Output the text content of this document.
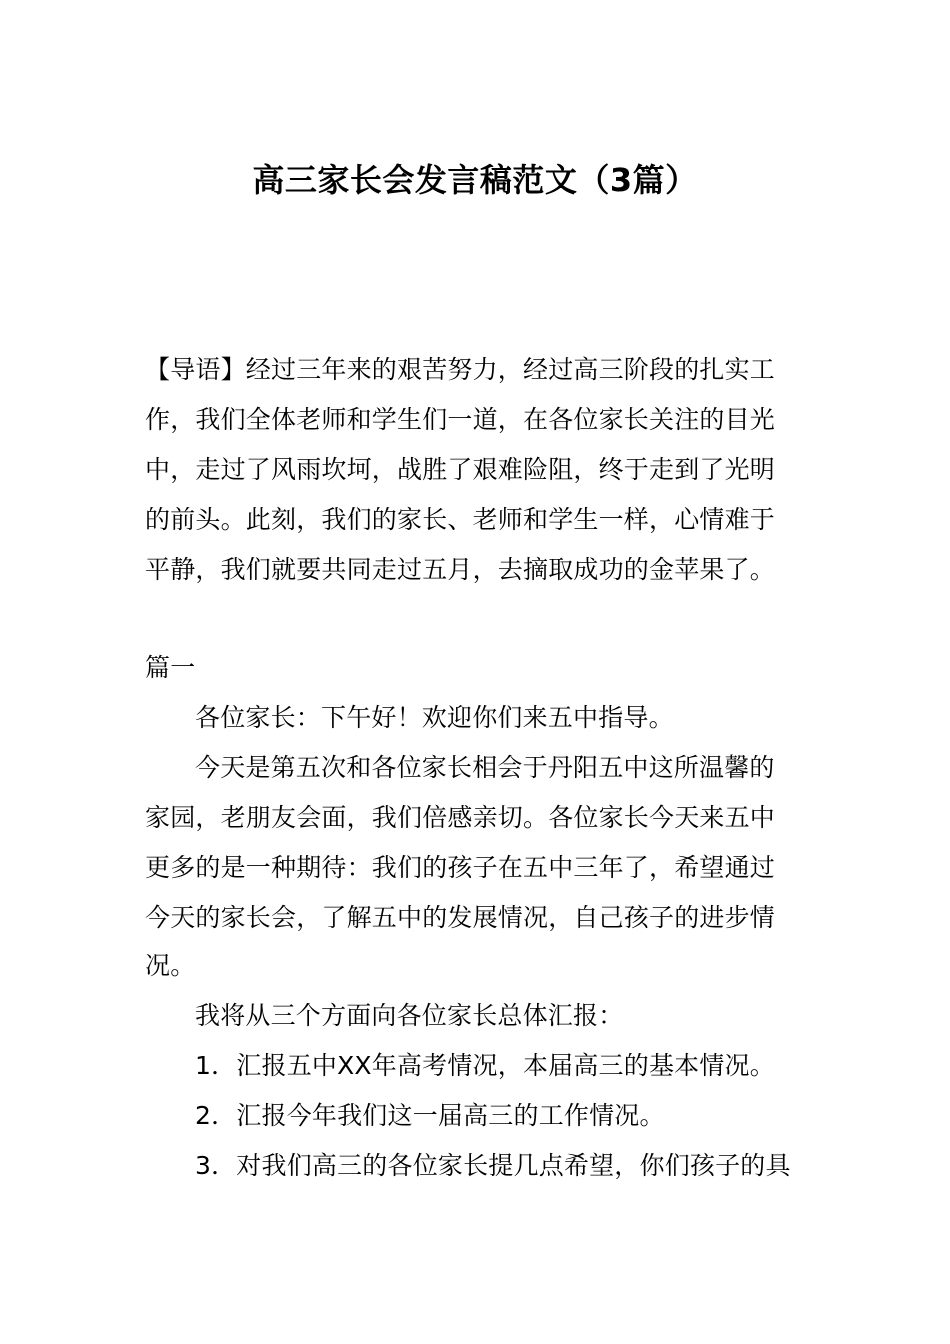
高三家长会发言稿范文（3篇）
【导语】经过三年来的艰苦努力，经过高三阶段的扎实工
作，我们全体老师和学生们一道，在各位家长关注的目光
中，走过了风雨坎坷，战胜了艰难险阻，终于走到了光明
的前头。此刻，我们的家长、老师和学生一样，心情难于
平静，我们就要共同走过五月，去摘取成功的金苹果了。
篇一
各位家长：下午好！欢迎你们来五中指导。
今天是第五次和各位家长相会于丹阳五中这所温馨的
家园，老朋友会面，我们倍感亲切。各位家长今天来五中
更多的是一种期待：我们的孩子在五中三年了，希望通过
今天的家长会，了解五中的发展情况，自己孩子的进步情
况。
我将从三个方面向各位家长总体汇报：
1．汇报五中XX年高考情况，本届高三的基本情况。
2．汇报今年我们这一届高三的工作情况。
3．对我们高三的各位家长提几点希望，你们孩子的具
